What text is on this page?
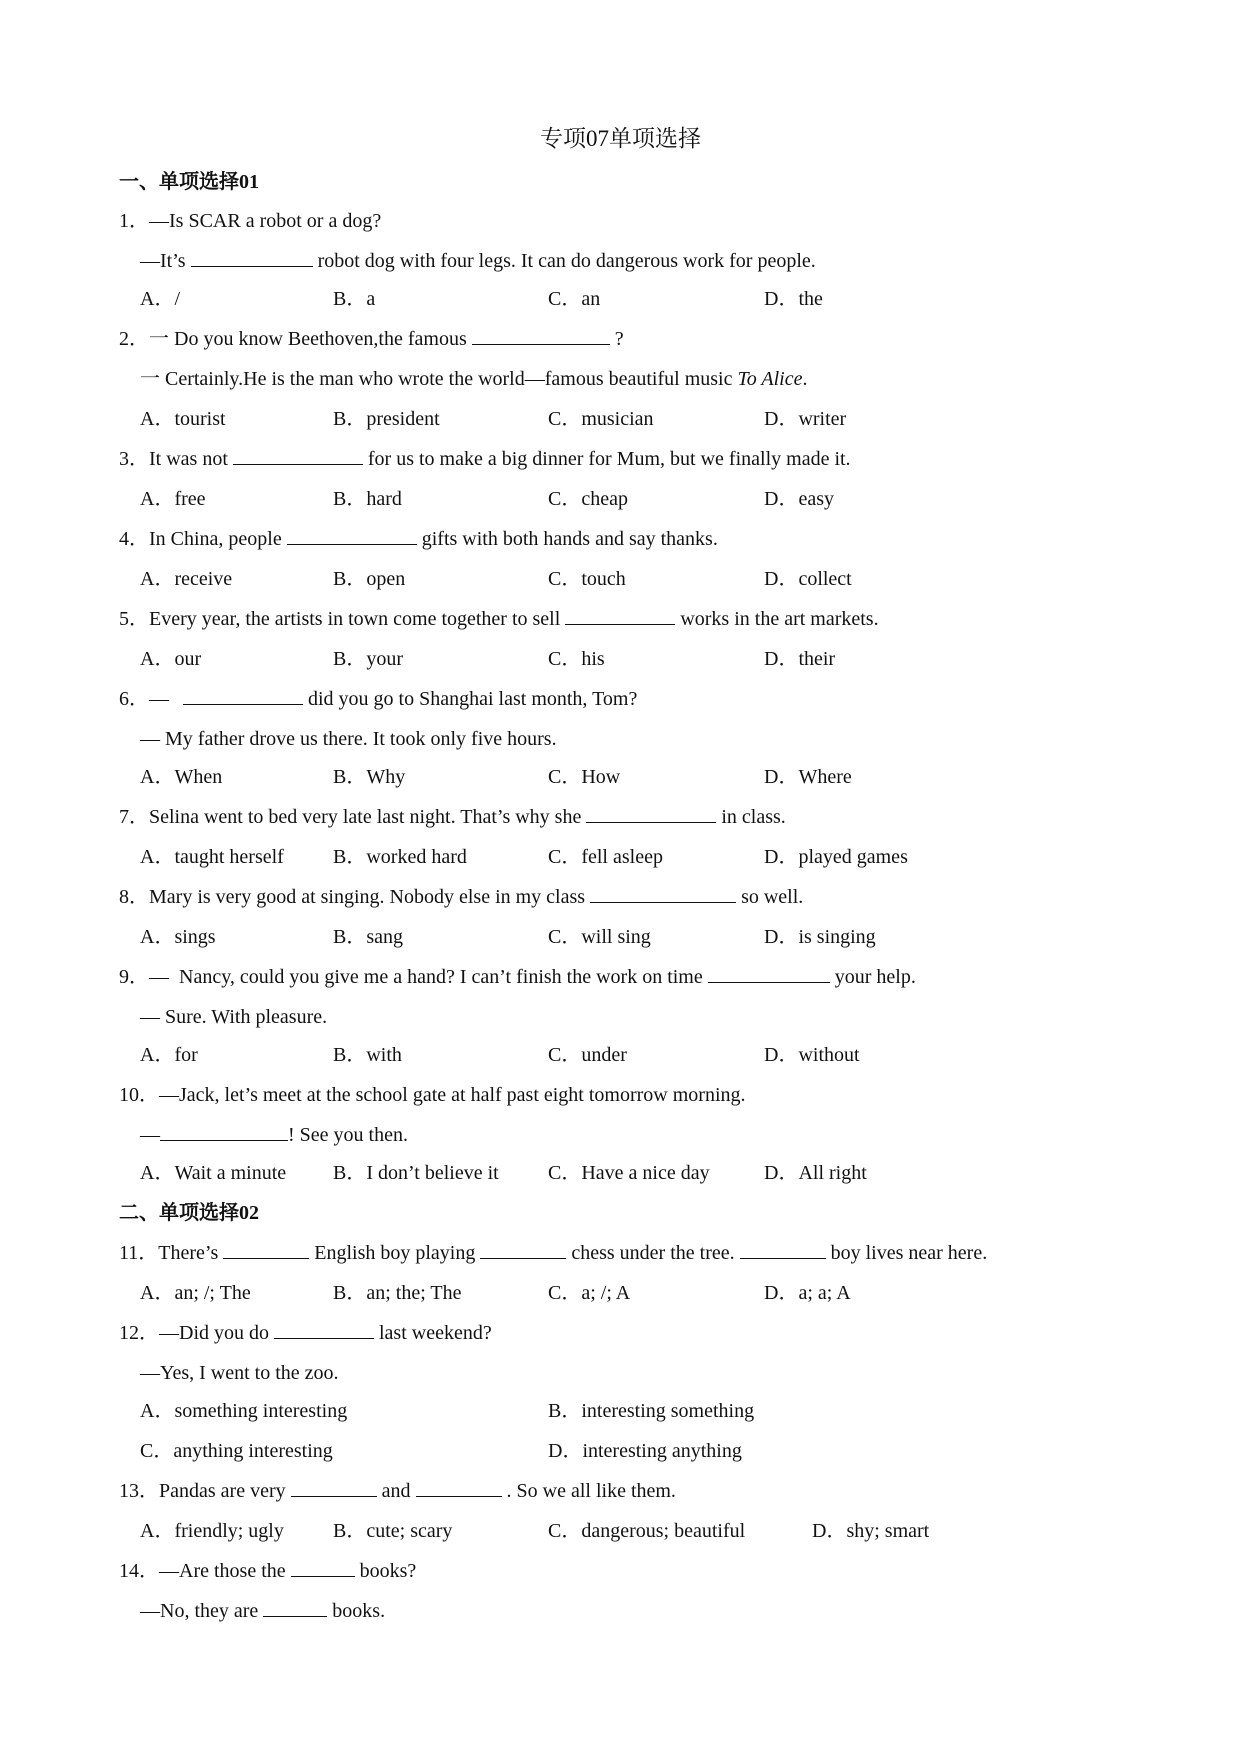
专项07单项选择
一、单项选择01
1．—Is SCAR a robot or a dog?
—It’s	robot dog with four legs. It can do dangerous work for people.
A．/	B．a	C．an	D．the
2．一 Do you know Beethoven,the famous	?
一 Certainly.He is the man who wrote the world—famous beautiful music To Alice.
A．tourist	B．president	C．musician	D．writer
3．It was not	for us to make a big dinner for Mum, but we finally made it.
A．free	B．hard	C．cheap	D．easy
4．In China, people	gifts with both hands and say thanks.
A．receive	B．open	C．touch	D．collect
5．Every year, the artists in town come together to sell	works in the art markets.
A．our	B．your	C．his	D．their
6．—	did you go to Shanghai last month, Tom?
— My father drove us there. It took only five hours.
A．When	B．Why	C．How	D．Where
7．Selina went to bed very late last night. That’s why she	in class.
A．taught herself B．worked hard	C．fell asleep	D．played games
8．Mary is very good at singing. Nobody else in my class	so well.
A．sings	B．sang	C．will sing	D．is singing
9．—  Nancy, could you give me a hand? I can’t finish the work on time	your help.
— Sure. With pleasure.
A．for	B．with	C．under	D．without
10．—Jack, let’s meet at the school gate at half past eight tomorrow morning.
—	! See you then.
A．Wait a minute B．I don’t believe it C．Have a nice day	D．All right
二、单项选择02
11．There’s	English boy playing	chess under the tree.	boy lives near here.
A．an; /; The	B．an; the; The	C．a; /; A	D．a; a; A
12．—Did you do	last weekend?
—Yes, I went to the zoo.
A．something interesting	B．interesting something
C．anything interesting	D．interesting anything
13．Pandas are very	and	. So we all like them.
A．friendly; ugly B．cute; scary	C．dangerous; beautiful	D．shy; smart
14．—Are those the	books?
—No, they are	books.
